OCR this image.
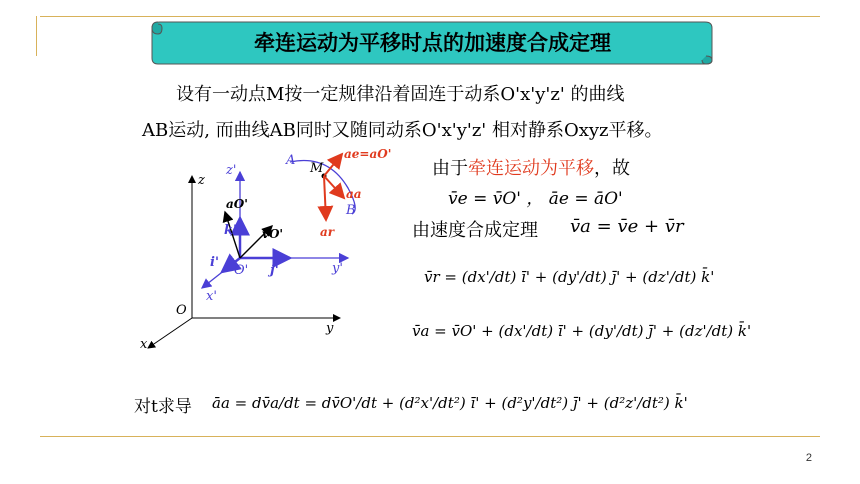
牵连运动为平移时点的加速度合成定理
设有一动点M按一定规律沿着固连于动系O'x'y'z' 的曲线
AB运动, 而曲线AB同时又随同动系O'x'y'z' 相对静系Oxyz平移。
z
y
x
O
z'
y'
x'
O'
k'
i'
j'
aO'
vO'
A
B
M
ae=aO'
aa
ar
由于牵连运动为平移，故
v̄e = v̄O' ， āe = āO'
由速度合成定理 v̄a = v̄e + v̄r
v̄r = (dx'/dt) ī' + (dy'/dt) j̄' + (dz'/dt) k̄'
v̄a = v̄O' + (dx'/dt) ī' + (dy'/dt) j̄' + (dz'/dt) k̄'
对t求导 āa = dv̄a/dt = dv̄O'/dt + (d²x'/dt²) ī' + (d²y'/dt²) j̄' + (d²z'/dt²) k̄'
2
